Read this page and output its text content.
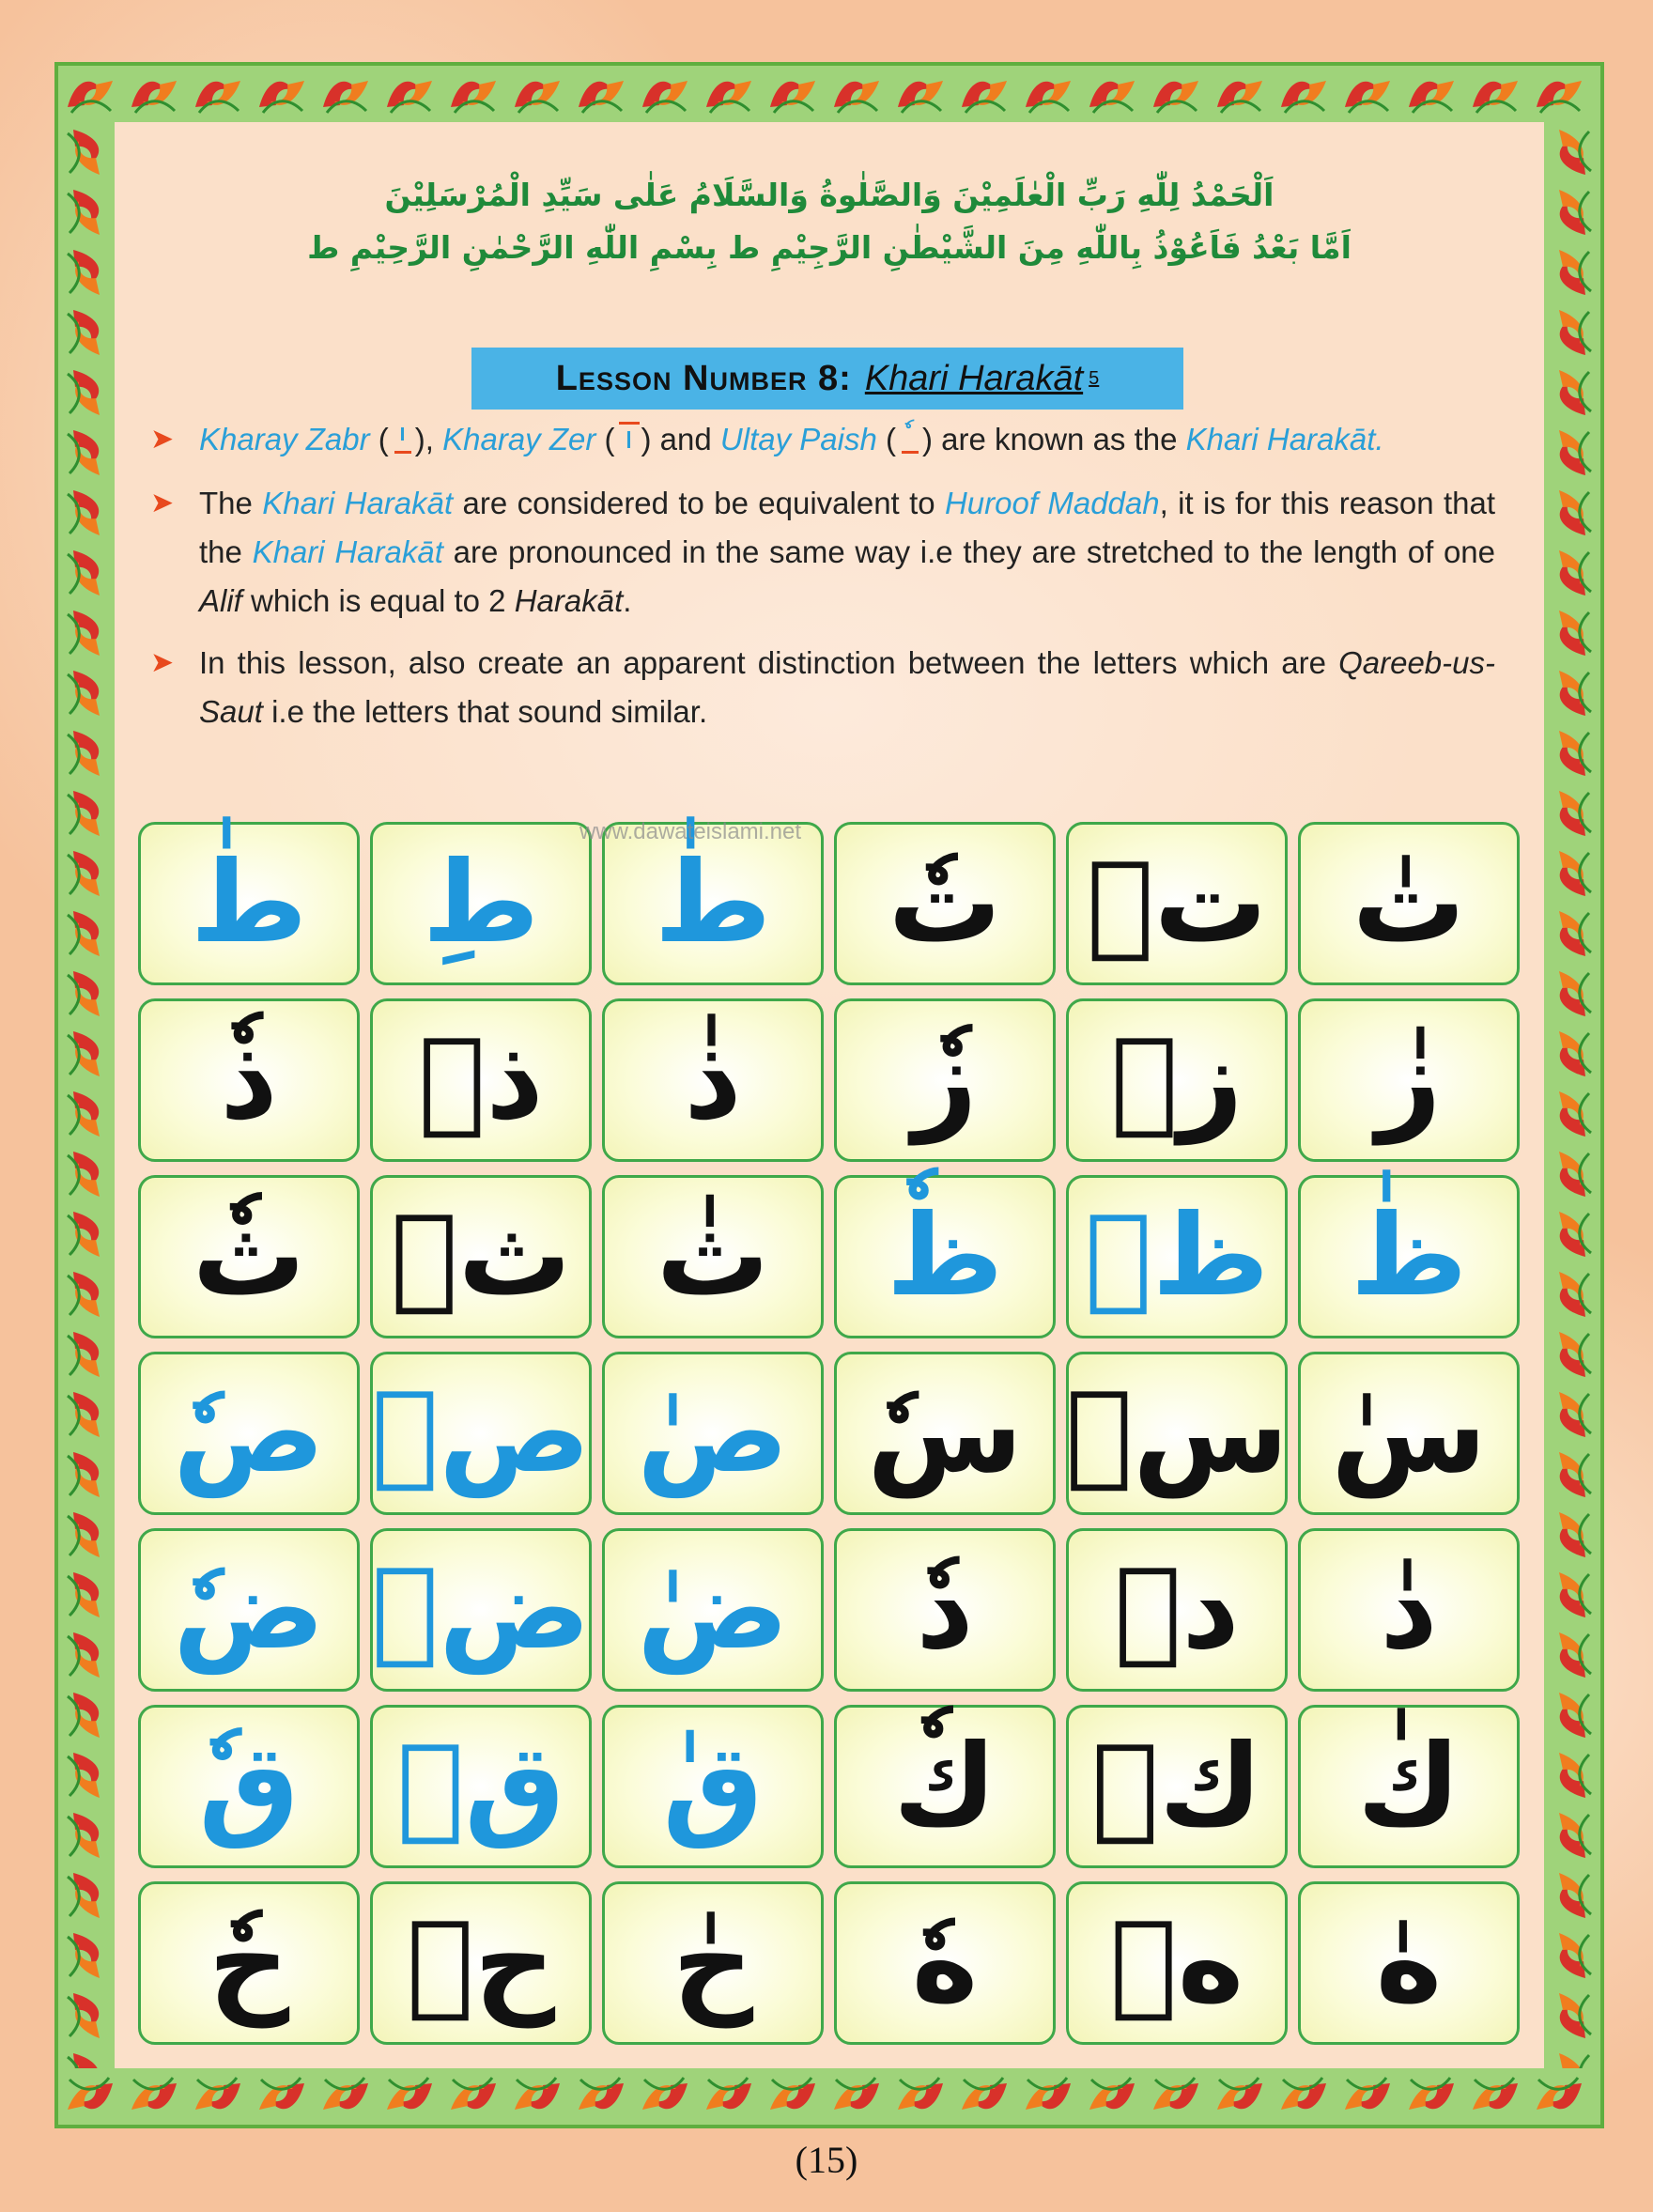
اَلْحَمْدُ لِلّٰهِ رَبِّ الْعٰلَمِيْنَ وَالصَّلٰوةُ وَالسَّلَامُ عَلٰى سَيِّدِ الْمُرْسَلِيْنَ
اَمَّا بَعْدُ فَاَعُوْذُ بِاللّٰهِ مِنَ الشَّيْطٰنِ الرَّجِيْمِ ط بِسْمِ اللّٰهِ الرَّحْمٰنِ الرَّحِيْمِ ط
Lesson Number 8: Khari Harakāt 5
➤ Kharay Zabr ( ), Kharay Zer ( ) and Ultay Paish (ٗ ) are known as the Khari Harakāt.
➤ The Khari Harakāt are considered to be equivalent to Huroof Maddah, it is for this reason that the Khari Harakāt are pronounced in the same way i.e they are stretched to the length of one Alif which is equal to 2 Harakāt.
➤ In this lesson, also create an apparent distinction between the letters which are Qareeb-us-Saut i.e the letters that sound similar.
طٰ	طِ	طٰ	تٗ تٖ تٰ
ذٗ	ذٖ	ذٰ	زٗ	زٖ	زٰ
ثٗ ثٖ ثٰ	ظٗ ظٖ ظٰ
صٗ صٖ صٰ سٗ سٖ سٰ
ضٗ ضٖ ضٰ	دٗ	دٖ	دٰ
قٗ قٖ قٰ	كٗ كٖ كٰ
حٗ	حٖ	حٰ	هٗ	هٖ	هٰ
www.dawateislami.net
(15)
